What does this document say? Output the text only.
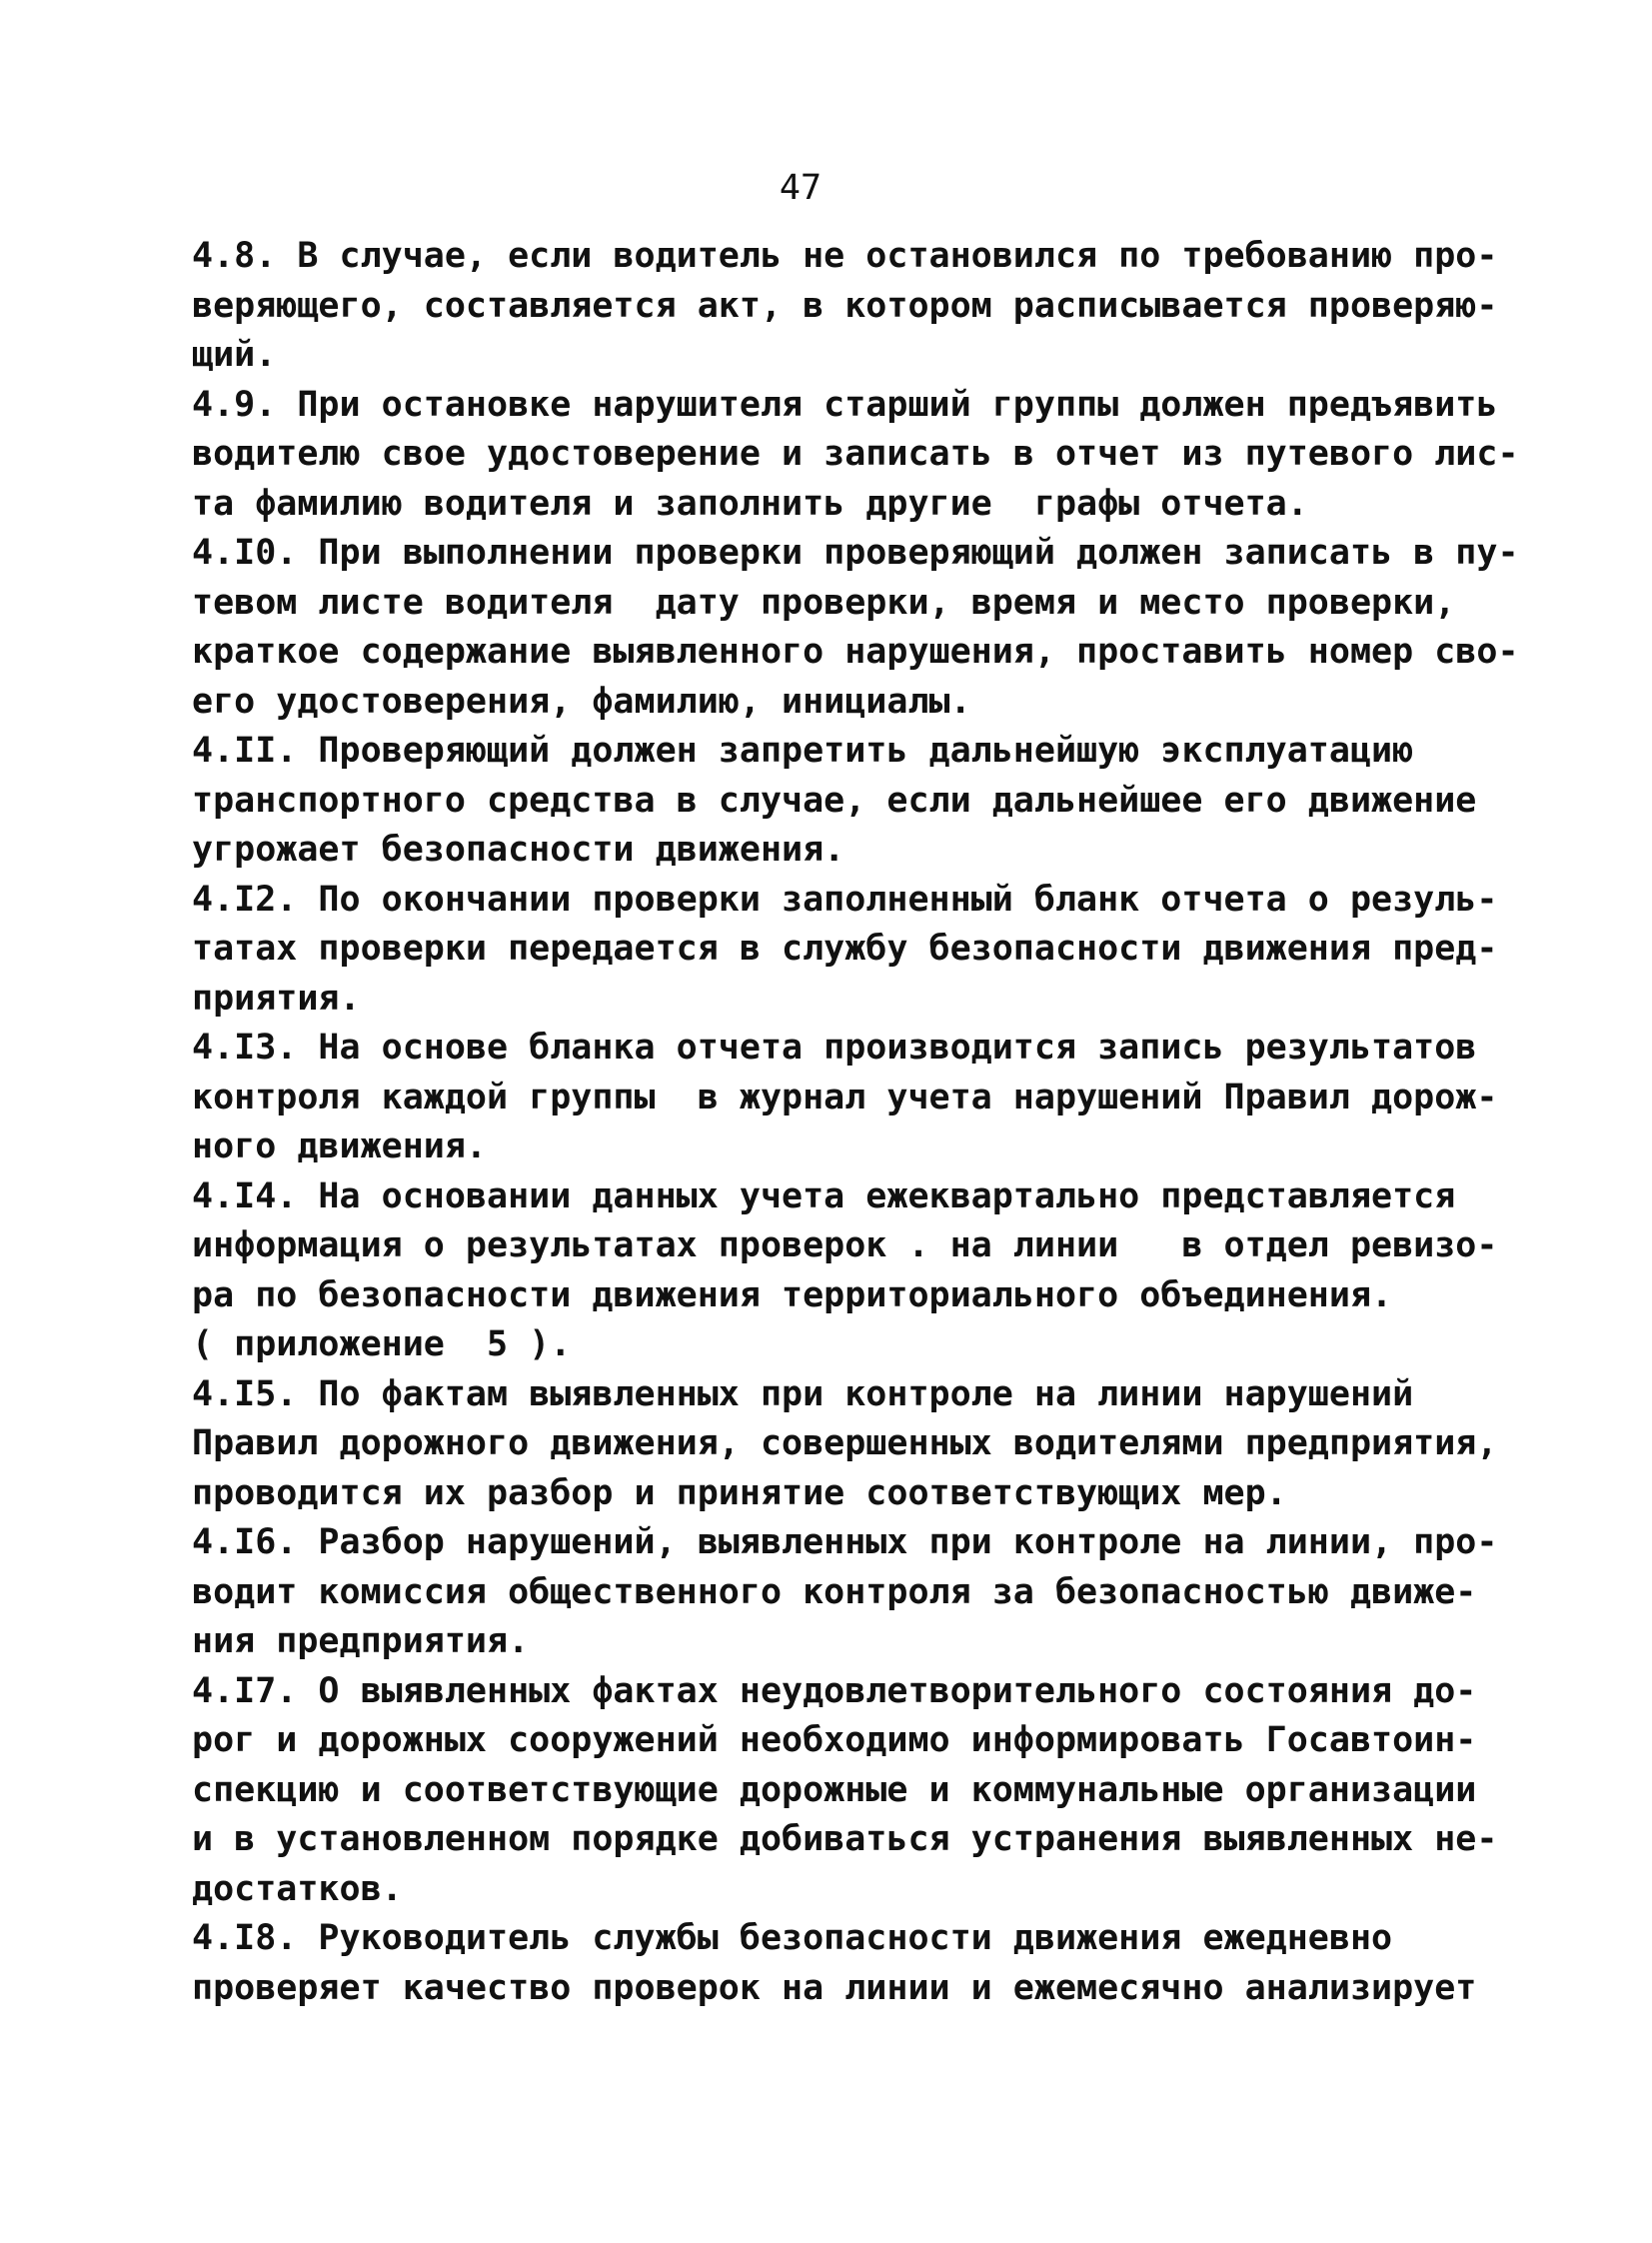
47
4.8. В случае, если водитель не остановился по требованию про-
веряющего, составляется акт, в котором расписывается проверяю-
щий.
4.9. При остановке нарушителя старший группы должен предъявить
водителю свое удостоверение и записать в отчет из путевого лис-
та фамилию водителя и заполнить другие  графы отчета.
4.I0. При выполнении проверки проверяющий должен записать в пу-
тевом листе водителя  дату проверки, время и место проверки,
краткое содержание выявленного нарушения, проставить номер сво-
его удостоверения, фамилию, инициалы.
4.II. Проверяющий должен запретить дальнейшую эксплуатацию
транспортного средства в случае, если дальнейшее его движение
угрожает безопасности движения.
4.I2. По окончании проверки заполненный бланк отчета о резуль-
татах проверки передается в службу безопасности движения пред-
приятия.
4.I3. На основе бланка отчета производится запись результатов
контроля каждой группы  в журнал учета нарушений Правил дорож-
ного движения.
4.I4. На основании данных учета ежеквартально представляется
информация о результатах проверок . на линии   в отдел ревизо-
ра по безопасности движения территориального объединения.
( приложение  5 ).
4.I5. По фактам выявленных при контроле на линии нарушений
Правил дорожного движения, совершенных водителями предприятия,
проводится их разбор и принятие соответствующих мер.
4.I6. Разбор нарушений, выявленных при контроле на линии, про-
водит комиссия общественного контроля за безопасностью движе-
ния предприятия.
4.I7. О выявленных фактах неудовлетворительного состояния до-
рог и дорожных сооружений необходимо информировать Госавтоин-
спекцию и соответствующие дорожные и коммунальные организации
и в установленном порядке добиваться устранения выявленных не-
достатков.
4.I8. Руководитель службы безопасности движения ежедневно
проверяет качество проверок на линии и ежемесячно анализирует
